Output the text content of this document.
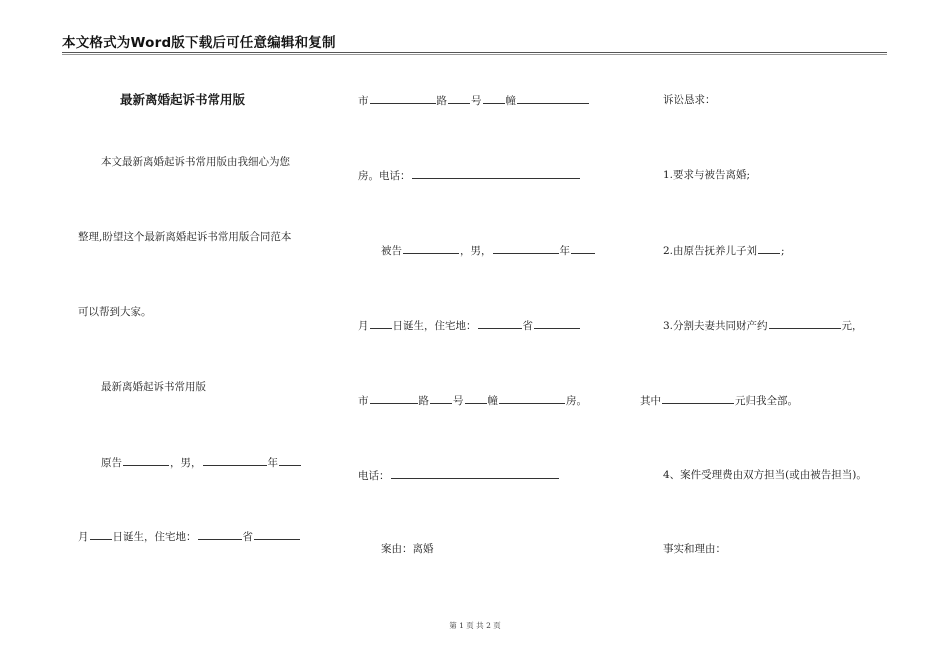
本文格式为Word版下载后可任意编辑和复制
最新离婚起诉书常用版
本文最新离婚起诉书常用版由我细心为您
整理,盼望这个最新离婚起诉书常用版合同范本
可以帮到大家。
最新离婚起诉书常用版
原告	，男，	年
月 日诞生，住宅地：	省
市	路 号 幢
房。电话：
被告	，男，	年
月 日诞生，住宅地：	省
市	路 号 幢	房。
电话：
案由：离婚
诉讼恳求：
1.要求与被告离婚;
2.由原告抚养儿子刘 ;
3.分割夫妻共同财产约	元，
其中	元归我全部。
4、案件受理费由双方担当(或由被告担当)。
事实和理由：
第 1 页 共 2 页
